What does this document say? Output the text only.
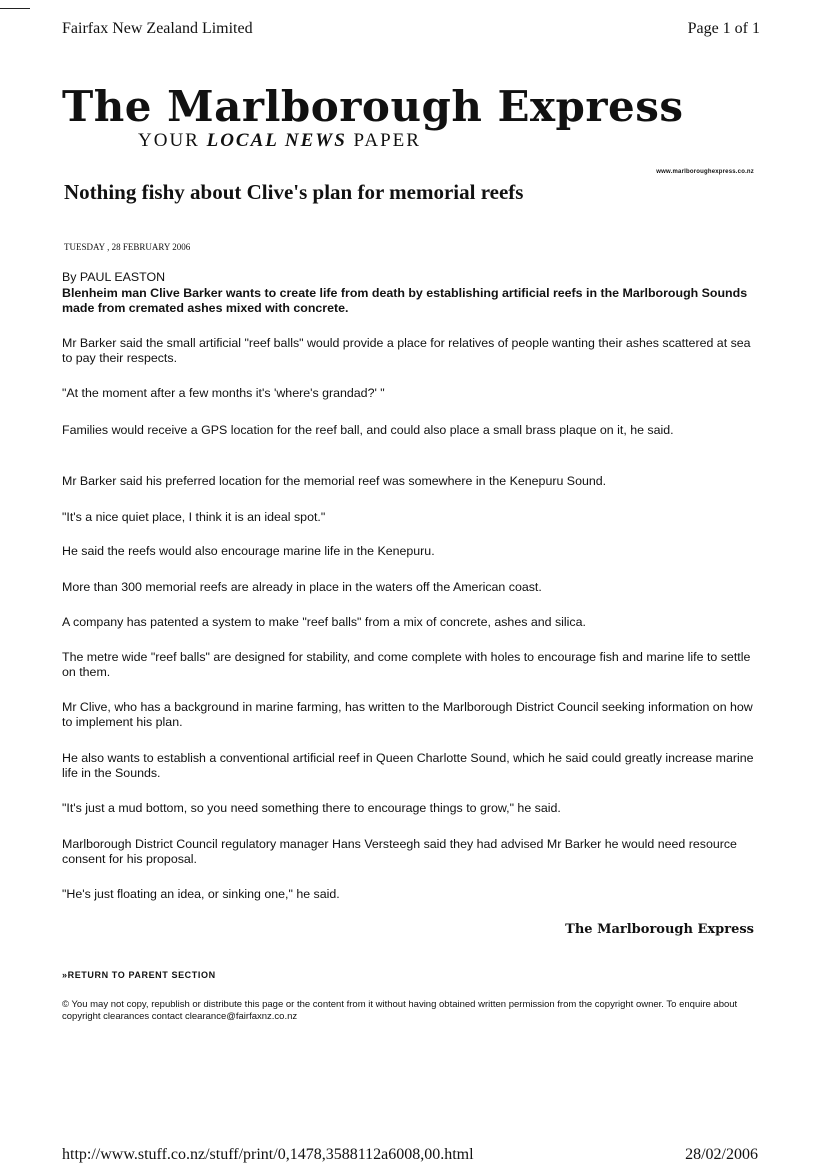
Fairfax New Zealand Limited	Page 1 of 1
The Marlborough Express
YOUR LOCAL NEWS PAPER
www.marlboroughexpress.co.nz
Nothing fishy about Clive's plan for memorial reefs
TUESDAY , 28 FEBRUARY 2006
By PAUL EASTON
Blenheim man Clive Barker wants to create life from death by establishing artificial reefs in the Marlborough Sounds made from cremated ashes mixed with concrete.

Mr Barker said the small artificial "reef balls" would provide a place for relatives of people wanting their ashes scattered at sea to pay their respects.

"At the moment after a few months it's 'where's grandad?' "

Families would receive a GPS location for the reef ball, and could also place a small brass plaque on it, he said.

Mr Barker said his preferred location for the memorial reef was somewhere in the Kenepuru Sound.

"It's a nice quiet place, I think it is an ideal spot."

He said the reefs would also encourage marine life in the Kenepuru.

More than 300 memorial reefs are already in place in the waters off the American coast.

A company has patented a system to make "reef balls" from a mix of concrete, ashes and silica.

The metre wide "reef balls" are designed for stability, and come complete with holes to encourage fish and marine life to settle on them.

Mr Clive, who has a background in marine farming, has written to the Marlborough District Council seeking information on how to implement his plan.

He also wants to establish a conventional artificial reef in Queen Charlotte Sound, which he said could greatly increase marine life in the Sounds.

"It's just a mud bottom, so you need something there to encourage things to grow," he said.

Marlborough District Council regulatory manager Hans Versteegh said they had advised Mr Barker he would need resource consent for his proposal.

"He's just floating an idea, or sinking one," he said.

The Marlborough Express
»RETURN TO PARENT SECTION
© You may not copy, republish or distribute this page or the content from it without having obtained written permission from the copyright owner. To enquire about copyright clearances contact clearance@fairfaxnz.co.nz
http://www.stuff.co.nz/stuff/print/0,1478,3588112a6008,00.html	28/02/2006
